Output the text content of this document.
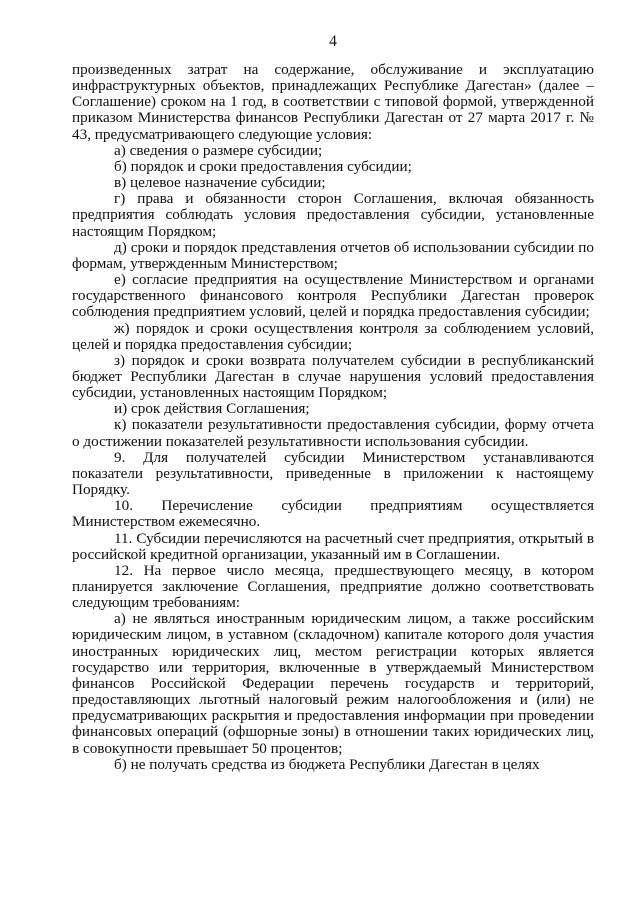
4

произведенных затрат на содержание, обслуживание и эксплуатацию инфраструктурных объектов, принадлежащих Республике Дагестан» (далее – Соглашение) сроком на 1 год, в соответствии с типовой формой, утвержденной приказом Министерства финансов Республики Дагестан от 27 марта 2017 г. № 43, предусматривающего следующие условия:

а) сведения о размере субсидии;

б) порядок и сроки предоставления субсидии;

в) целевое назначение субсидии;

г) права и обязанности сторон Соглашения, включая обязанность предприятия соблюдать условия предоставления субсидии, установленные настоящим Порядком;

д) сроки и порядок представления отчетов об использовании субсидии по формам, утвержденным Министерством;

е) согласие предприятия на осуществление Министерством и органами государственного финансового контроля Республики Дагестан проверок соблюдения предприятием условий, целей и порядка предоставления субсидии;

ж) порядок и сроки осуществления контроля за соблюдением условий, целей и порядка предоставления субсидии;

з) порядок и сроки возврата получателем субсидии в республиканский бюджет Республики Дагестан в случае нарушения условий предоставления субсидии, установленных настоящим Порядком;

и) срок действия Соглашения;

к) показатели результативности предоставления субсидии, форму отчета о достижении показателей результативности использования субсидии.

9. Для получателей субсидии Министерством устанавливаются показатели результативности, приведенные в приложении к настоящему Порядку.

10. Перечисление субсидии предприятиям осуществляется Министерством ежемесячно.

11. Субсидии перечисляются на расчетный счет предприятия, открытый в российской кредитной организации, указанный им в Соглашении.

12. На первое число месяца, предшествующего месяцу, в котором планируется заключение Соглашения, предприятие должно соответствовать следующим требованиям:

а) не являться иностранным юридическим лицом, а также российским юридическим лицом, в уставном (складочном) капитале которого доля участия иностранных юридических лиц, местом регистрации которых является государство или территория, включенные в утверждаемый Министерством финансов Российской Федерации перечень государств и территорий, предоставляющих льготный налоговый режим налогообложения и (или) не предусматривающих раскрытия и предоставления информации при проведении финансовых операций (офшорные зоны) в отношении таких юридических лиц, в совокупности превышает 50 процентов;

б) не получать средства из бюджета Республики Дагестан в целях
